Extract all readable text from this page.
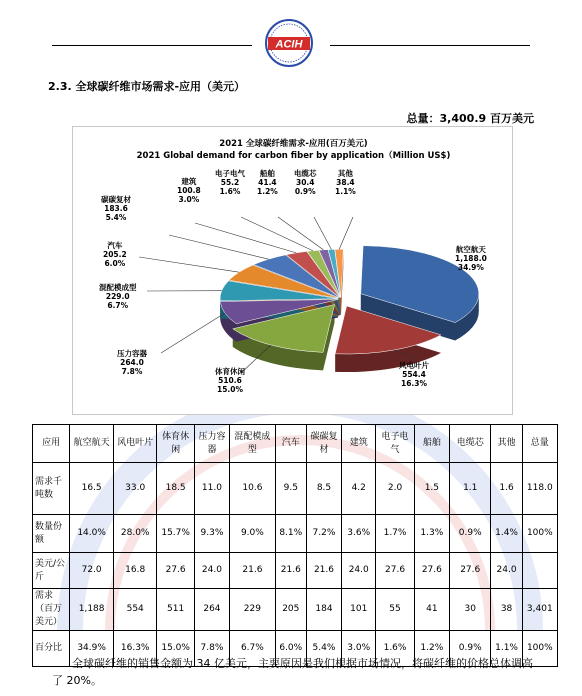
ACIH
2.3. 全球碳纤维市场需求-应用（美元）
总量：3,400.9 百万美元
2021 全球碳纤维需求-应用(百万美元)
2021 Global demand for carbon fiber by application（Million US$)
航空航天
1,188.0
34.9%
风电叶片
554.4
16.3%
体育休闲
510.6
15.0%
压力容器
264.0
7.8%
混配模成型
229.0
6.7%
汽车
205.2
6.0%
碳碳复材
183.6
5.4%
建筑
100.8
3.0%
电子电气
55.2
1.6%
船舶
41.4
1.2%
电缆芯
30.4
0.9%
其他
38.4
1.1%
应用	航空航天	风电叶片	体育休闲	压力容器	混配模成型	汽车	碳碳复材	建筑	电子电气	船舶	电缆芯	其他	总量
需求千吨数	16.5	33.0	18.5	11.0	10.6	9.5	8.5	4.2	2.0	1.5	1.1	1.6	118.0
数量份额	14.0%	28.0%	15.7%	9.3%	9.0%	8.1%	7.2%	3.6%	1.7%	1.3%	0.9%	1.4%	100%
美元/公斤	72.0	16.8	27.6	24.0	21.6	21.6	21.6	24.0	27.6	27.6	27.6	24.0	
需求（百万美元）	1,188	554	511	264	229	205	184	101	55	41	30	38	3,401
百分比	34.9%	16.3%	15.0%	7.8%	6.7%	6.0%	5.4%	3.0%	1.6%	1.2%	0.9%	1.1%	100%
全球碳纤维的销售金额为 34 亿美元，主要原因是我们根据市场情况，将碳纤维的价格总体调高了 20%。
